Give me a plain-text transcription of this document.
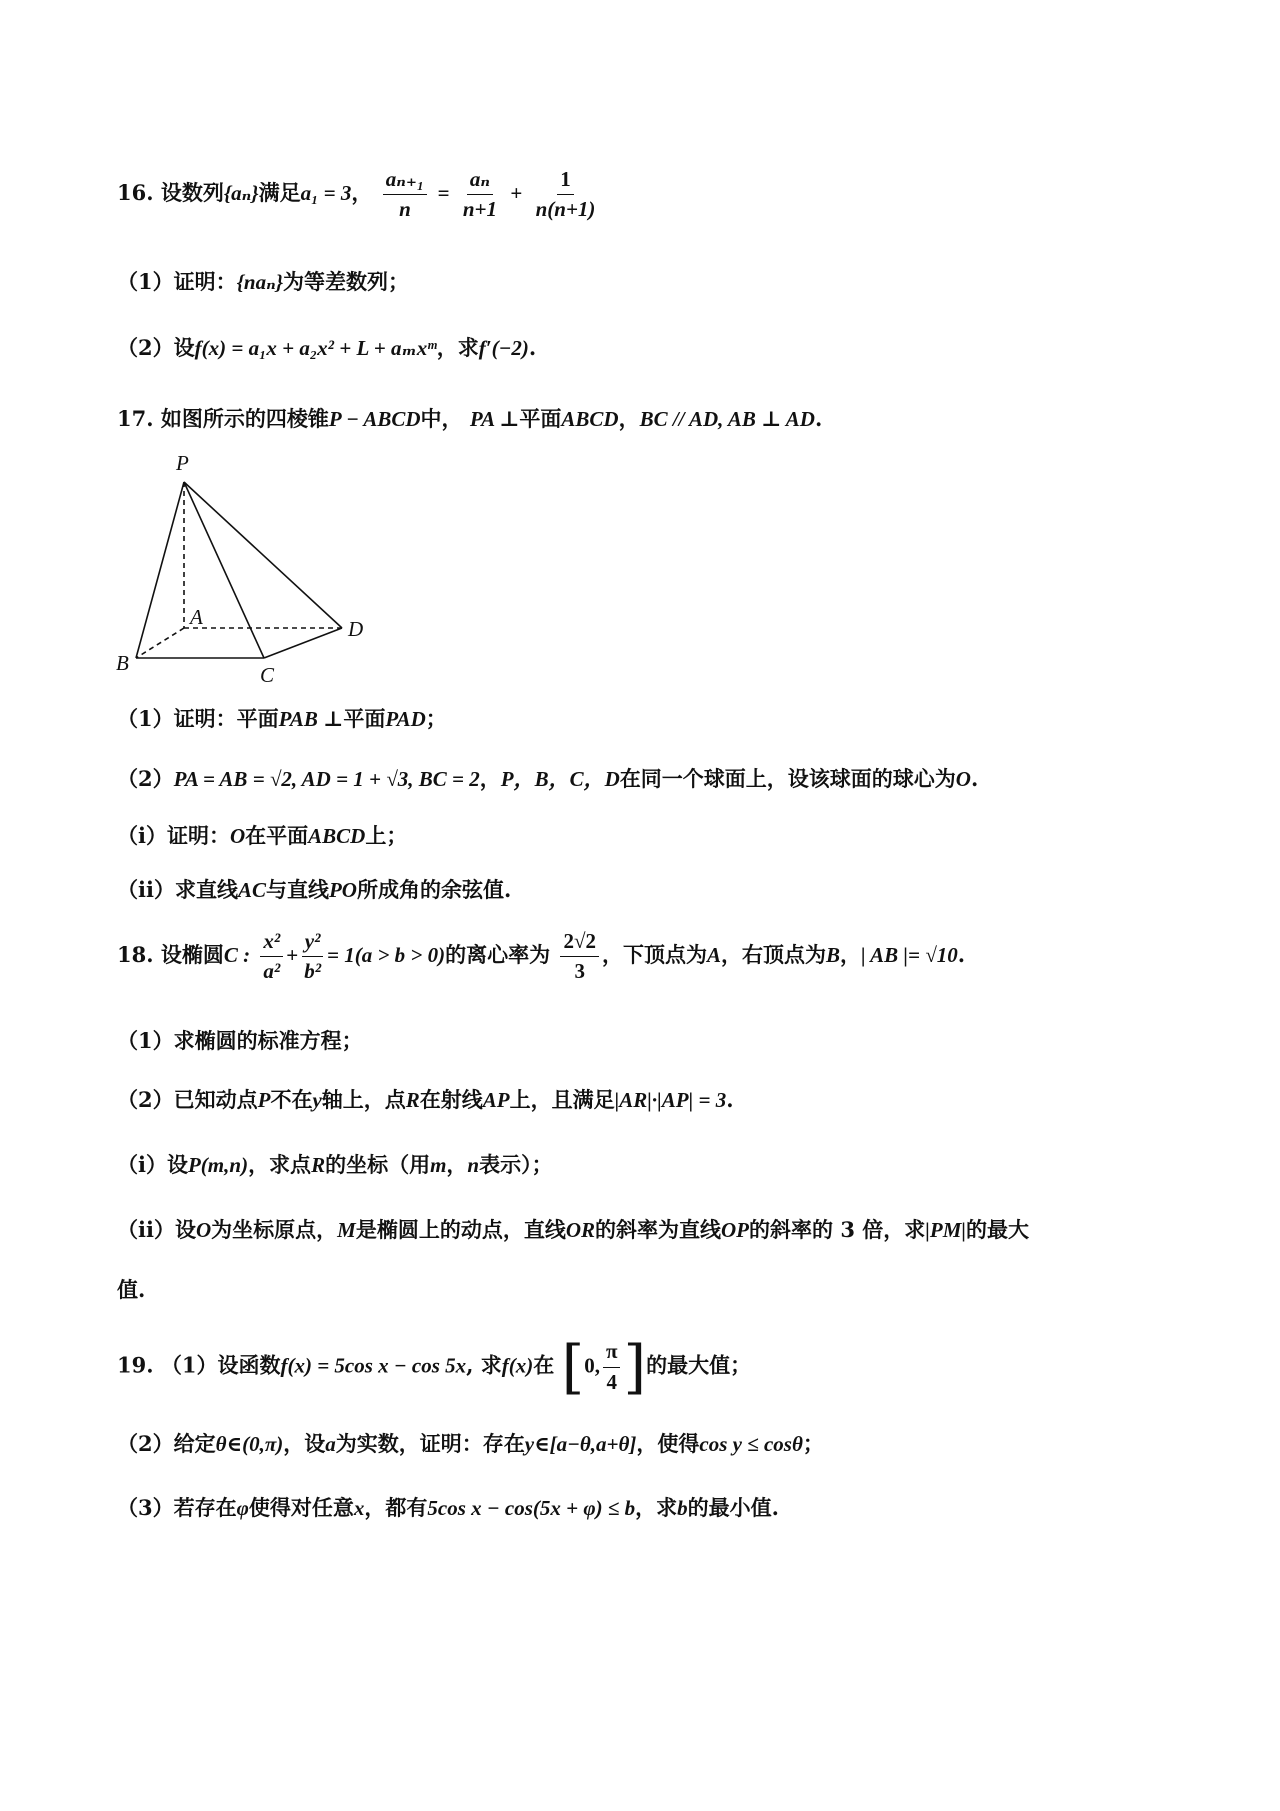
16. 设数列{aₙ}满足a₁ = 3， $\frac{\text{aₙ₊₁}}{n} = \frac{\text{aₙ}}{n+1} + \frac{1}{n(n+1)}$
（1）证明：{naₙ}为等差数列；
（2）设f(x) = a₁x + a₂x² + L + aₘxᵐ，求f′(−2).
17. 如图所示的四棱锥P − ABCD中， PA ⊥平面ABCD，BC // AD, AB ⊥ AD.
P
A
B	C
D
（1）证明：平面PAB ⊥平面PAD；
（2）PA = AB = √2, AD = 1 + √3, BC = 2，P，B，C，D在同一个球面上，设该球面的球心为O.
（i）证明：O在平面ABCD上；
（ii）求直线AC与直线PO所成角的余弦值.
18. 设椭圆C : $\frac{\text{x²}}{\text{a²}} + \frac{\text{y²}}{\text{b²}} = 1(a > b > 0)$的离心率为 $\frac{2√2}{3}$ ，下顶点为A，右顶点为B，| AB |= √10.
（1）求椭圆的标准方程；
（2）已知动点P不在y轴上，点R在射线AP上，且满足|AR|·|AP| = 3.
（i）设P(m,n)，求点R的坐标（用m，n表示）；
（ii）设O为坐标原点，M是椭圆上的动点，直线OR的斜率为直线OP的斜率的 3 倍，求|PM|的最大
值.
19. （1）设函数f(x) = 5cos x − cos 5x, 求f(x)在 [0, $\frac{\pi}{4}$ ]的最大值；
（2）给定θ∈(0,π)，设a为实数，证明：存在y∈[a−θ,a+θ]，使得cos y ≤ cosθ；
（3）若存在φ使得对任意x，都有5cos x − cos(5x + φ) ≤ b，求b的最小值.
